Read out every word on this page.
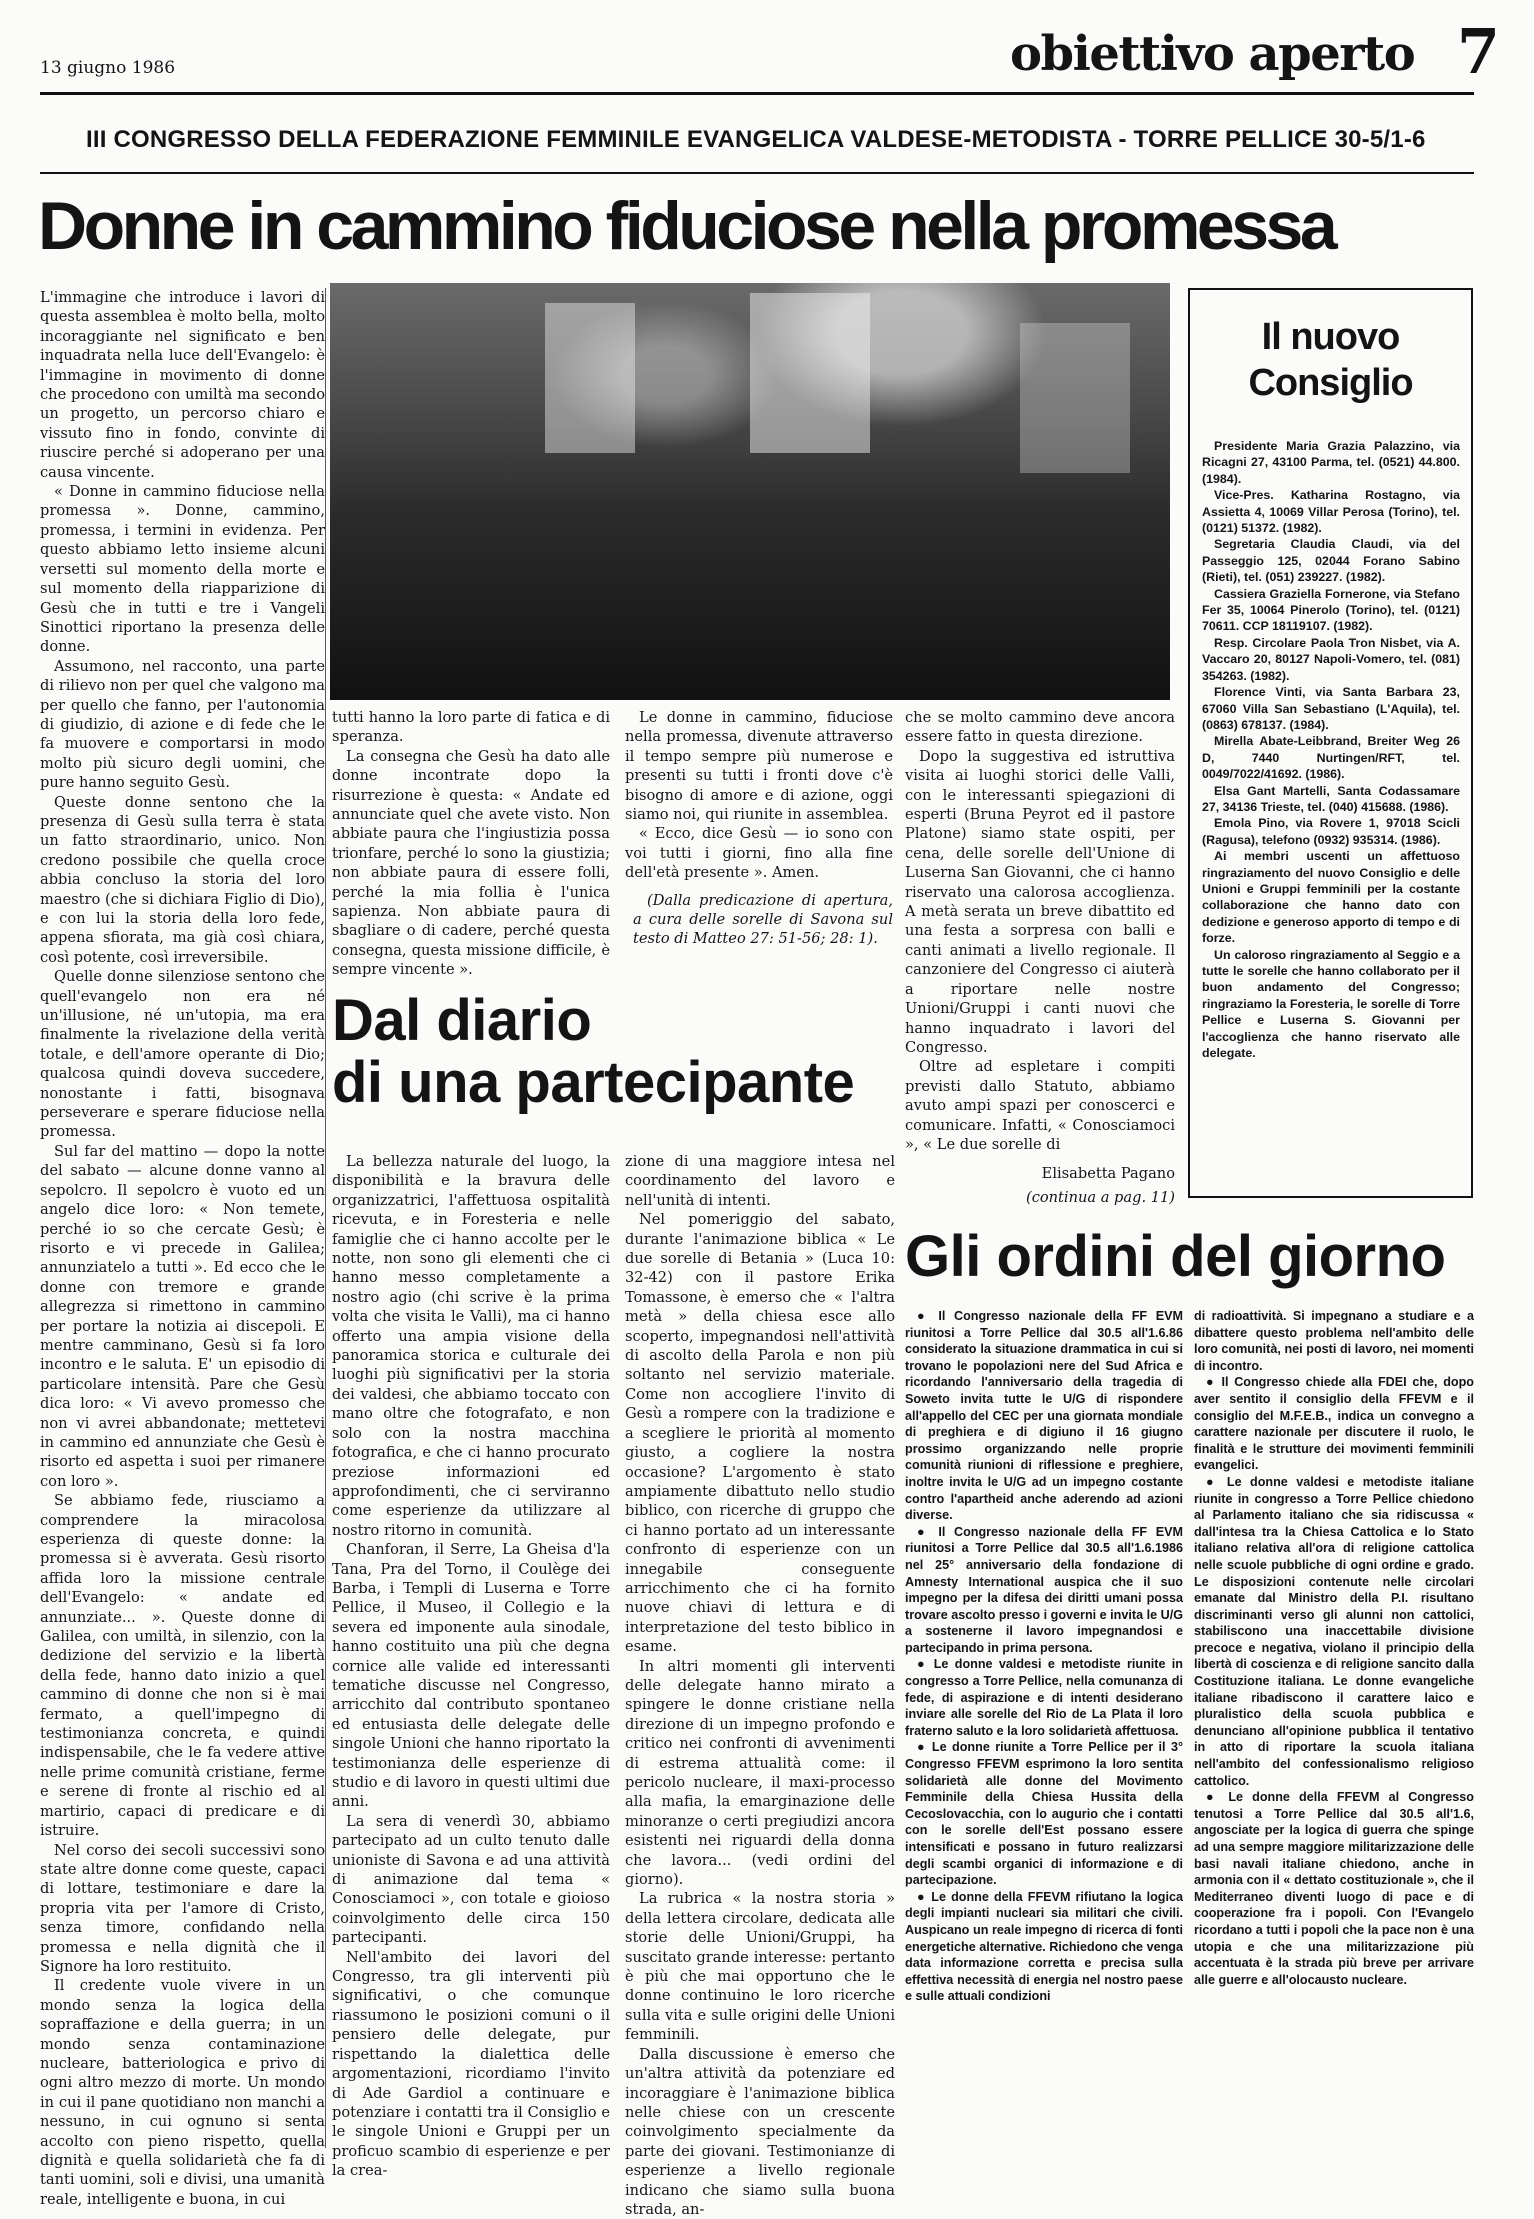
13 giugno 1986	obiettivo aperto 7
III CONGRESSO DELLA FEDERAZIONE FEMMINILE EVANGELICA VALDESE-METODISTA - TORRE PELLICE 30-5/1-6
Donne in cammino fiduciose nella promessa

L'immagine che introduce i lavori di questa assemblea è molto bella, molto incoraggiante nel significato e ben inquadrata nella luce dell'Evangelo: è l'immagine in movimento di donne che procedono con umiltà ma secondo un progetto, un percorso chiaro e vissuto fino in fondo, convinte di riuscire perché si adoperano per una causa vincente.

« Donne in cammino fiduciose nella promessa ». Donne, cammino, promessa, i termini in evidenza. Per questo abbiamo letto insieme alcuni versetti sul momento della morte e sul momento della riapparizione di Gesù che in tutti e tre i Vangeli Sinottici riportano la presenza delle donne.

Assumono, nel racconto, una parte di rilievo non per quel che valgono ma per quello che fanno, per l'autonomia di giudizio, di azione e di fede che le fa muovere e comportarsi in modo molto più sicuro degli uomini, che pure hanno seguito Gesù.

Queste donne sentono che la presenza di Gesù sulla terra è stata un fatto straordinario, unico. Non credono possibile che quella croce abbia concluso la storia del loro maestro (che si dichiara Figlio di Dio), e con lui la storia della loro fede, appena sfiorata, ma già così chiara, così potente, così irreversibile.

Quelle donne silenziose sentono che quell'evangelo non era né un'illusione, né un'utopia, ma era finalmente la rivelazione della verità totale, e dell'amore operante di Dio; qualcosa quindi doveva succedere, nonostante i fatti, bisognava perseverare e sperare fiduciose nella promessa.

Sul far del mattino — dopo la notte del sabato — alcune donne vanno al sepolcro. Il sepolcro è vuoto ed un angelo dice loro: « Non temete, perché io so che cercate Gesù; è risorto e vi precede in Galilea; annunziatelo a tutti ». Ed ecco che le donne con tremore e grande allegrezza si rimettono in cammino per portare la notizia ai discepoli. E mentre camminano, Gesù si fa loro incontro e le saluta. E' un episodio di particolare intensità. Pare che Gesù dica loro: « Vi avevo promesso che non vi avrei abbandonate; mettetevi in cammino ed annunziate che Gesù è risorto ed aspetta i suoi per rimanere con loro ».

Se abbiamo fede, riusciamo a comprendere la miracolosa esperienza di queste donne: la promessa si è avverata. Gesù risorto affida loro la missione centrale dell'Evangelo: « andate ed annunziate... ». Queste donne di Galilea, con umiltà, in silenzio, con la dedizione del servizio e la libertà della fede, hanno dato inizio a quel cammino di donne che non si è mai fermato, a quell'impegno di testimonianza concreta, e quindi indispensabile, che le fa vedere attive nelle prime comunità cristiane, ferme e serene di fronte al rischio ed al martirio, capaci di predicare e di istruire.

Nel corso dei secoli successivi sono state altre donne come queste, capaci di lottare, testimoniare e dare la propria vita per l'amore di Cristo, senza timore, confidando nella promessa e nella dignità che il Signore ha loro restituito.

Il credente vuole vivere in un mondo senza la logica della sopraffazione e della guerra; in un mondo senza contaminazione nucleare, batteriologica e privo di ogni altro mezzo di morte. Un mondo in cui il pane quotidiano non manchi a nessuno, in cui ognuno si senta accolto con pieno rispetto, quella dignità e quella solidarietà che fa di tanti uomini, soli e divisi, una umanità reale, intelligente e buona, in cui

tutti hanno la loro parte di fatica e di speranza.

La consegna che Gesù ha dato alle donne incontrate dopo la risurrezione è questa: « Andate ed annunciate quel che avete visto. Non abbiate paura che l'ingiustizia possa trionfare, perché lo sono la giustizia; non abbiate paura di essere folli, perché la mia follia è l'unica sapienza. Non abbiate paura di sbagliare o di cadere, perché questa consegna, questa missione difficile, è sempre vincente ».

Le donne in cammino, fiduciose nella promessa, divenute attraverso il tempo sempre più numerose e presenti su tutti i fronti dove c'è bisogno di amore e di azione, oggi siamo noi, qui riunite in assemblea.

« Ecco, dice Gesù — io sono con voi tutti i giorni, fino alla fine dell'età presente ». Amen.

(Dalla predicazione di apertura, a cura delle sorelle di Savona sul testo di Matteo 27: 51-56; 28: 1).

Dal diario
di una partecipante

La bellezza naturale del luogo, la disponibilità e la bravura delle organizzatrici, l'affettuosa ospitalità ricevuta, e in Foresteria e nelle famiglie che ci hanno accolte per le notte, non sono gli elementi che ci hanno messo completamente a nostro agio (chi scrive è la prima volta che visita le Valli), ma ci hanno offerto una ampia visione della panoramica storica e culturale dei luoghi più significativi per la storia dei valdesi, che abbiamo toccato con mano oltre che fotografato, e non solo con la nostra macchina fotografica, e che ci hanno procurato preziose informazioni ed approfondimenti, che ci serviranno come esperienze da utilizzare al nostro ritorno in comunità.

Chanforan, il Serre, La Gheisa d'la Tana, Pra del Torno, il Coulège dei Barba, i Templi di Luserna e Torre Pellice, il Museo, il Collegio e la severa ed imponente aula sinodale, hanno costituito una più che degna cornice alle valide ed interessanti tematiche discusse nel Congresso, arricchito dal contributo spontaneo ed entusiasta delle delegate delle singole Unioni che hanno riportato la testimonianza delle esperienze di studio e di lavoro in questi ultimi due anni.

La sera di venerdì 30, abbiamo partecipato ad un culto tenuto dalle unioniste di Savona e ad una attività di animazione dal tema « Conosciamoci », con totale e gioioso coinvolgimento delle circa 150 partecipanti.

Nell'ambito dei lavori del Congresso, tra gli interventi più significativi, o che comunque riassumono le posizioni comuni o il pensiero delle delegate, pur rispettando la dialettica delle argomentazioni, ricordiamo l'invito di Ade Gardiol a continuare e potenziare i contatti tra il Consiglio e le singole Unioni e Gruppi per un proficuo scambio di esperienze e per la crea-

zione di una maggiore intesa nel coordinamento del lavoro e nell'unità di intenti.

Nel pomeriggio del sabato, durante l'animazione biblica « Le due sorelle di Betania » (Luca 10: 32-42) con il pastore Erika Tomassone, è emerso che « l'altra metà » della chiesa esce allo scoperto, impegnandosi nell'attività di ascolto della Parola e non più soltanto nel servizio materiale. Come non accogliere l'invito di Gesù a rompere con la tradizione e a scegliere le priorità al momento giusto, a cogliere la nostra occasione? L'argomento è stato ampiamente dibattuto nello studio biblico, con ricerche di gruppo che ci hanno portato ad un interessante confronto di esperienze con un innegabile conseguente arricchimento che ci ha fornito nuove chiavi di lettura e di interpretazione del testo biblico in esame.

In altri momenti gli interventi delle delegate hanno mirato a spingere le donne cristiane nella direzione di un impegno profondo e critico nei confronti di avvenimenti di estrema attualità come: il pericolo nucleare, il maxi-processo alla mafia, la emarginazione delle minoranze o certi pregiudizi ancora esistenti nei riguardi della donna che lavora... (vedi ordini del giorno).

La rubrica « la nostra storia » della lettera circolare, dedicata alle storie delle Unioni/Gruppi, ha suscitato grande interesse: pertanto è più che mai opportuno che le donne continuino le loro ricerche sulla vita e sulle origini delle Unioni femminili.

Dalla discussione è emerso che un'altra attività da potenziare ed incoraggiare è l'animazione biblica nelle chiese con un crescente coinvolgimento specialmente da parte dei giovani. Testimonianze di esperienze a livello regionale indicano che siamo sulla buona strada, an-

che se molto cammino deve ancora essere fatto in questa direzione.

Dopo la suggestiva ed istruttiva visita ai luoghi storici delle Valli, con le interessanti spiegazioni di esperti (Bruna Peyrot ed il pastore Platone) siamo state ospiti, per cena, delle sorelle dell'Unione di Luserna San Giovanni, che ci hanno riservato una calorosa accoglienza. A metà serata un breve dibattito ed una festa a sorpresa con balli e canti animati a livello regionale. Il canzoniere del Congresso ci aiuterà a riportare nelle nostre Unioni/Gruppi i canti nuovi che hanno inquadrato i lavori del Congresso.

Oltre ad espletare i compiti previsti dallo Statuto, abbiamo avuto ampi spazi per conoscerci e comunicare. Infatti, « Conosciamoci », « Le due sorelle di

Elisabetta Pagano

(continua a pag. 11)

Il nuovo
Consiglio
Presidente Maria Grazia Palazzino, via Ricagni 27, 43100 Parma, tel. (0521) 44.800. (1984).
Vice-Pres. Katharina Rostagno, via Assietta 4, 10069 Villar Perosa (Torino), tel. (0121) 51372. (1982).
Segretaria Claudia Claudi, via del Passeggio 125, 02044 Forano Sabino (Rieti), tel. (051) 239227. (1982).
Cassiera Graziella Fornerone, via Stefano Fer 35, 10064 Pinerolo (Torino), tel. (0121) 70611. CCP 18119107. (1982).
Resp. Circolare Paola Tron Nisbet, via A. Vaccaro 20, 80127 Napoli-Vomero, tel. (081) 354263. (1982).
Florence Vinti, via Santa Barbara 23, 67060 Villa San Sebastiano (L'Aquila), tel. (0863) 678137. (1984).
Mirella Abate-Leibbrand, Breiter Weg 26 D, 7440 Nurtingen/RFT, tel. 0049/7022/41692. (1986).
Elsa Gant Martelli, Santa Codassamare 27, 34136 Trieste, tel. (040) 415688. (1986).
Emola Pino, via Rovere 1, 97018 Scicli (Ragusa), telefono (0932) 935314. (1986).
Ai membri uscenti un affettuoso ringraziamento del nuovo Consiglio e delle Unioni e Gruppi femminili per la costante collaborazione che hanno dato con dedizione e generoso apporto di tempo e di forze.
Un caloroso ringraziamento al Seggio e a tutte le sorelle che hanno collaborato per il buon andamento del Congresso; ringraziamo la Foresteria, le sorelle di Torre Pellice e Luserna S. Giovanni per l'accoglienza che hanno riservato alle delegate.
Gli ordini del giorno
● Il Congresso nazionale della FF EVM riunitosi a Torre Pellice dal 30.5 all'1.6.86 considerato la situazione drammatica in cui si trovano le popolazioni nere del Sud Africa e ricordando l'anniversario della tragedia di Soweto invita tutte le U/G di rispondere all'appello del CEC per una giornata mondiale di preghiera e di digiuno il 16 giugno prossimo organizzando nelle proprie comunità riunioni di riflessione e preghiere, inoltre invita le U/G ad un impegno costante contro l'apartheid anche aderendo ad azioni diverse.
● Il Congresso nazionale della FF EVM riunitosi a Torre Pellice dal 30.5 all'1.6.1986 nel 25° anniversario della fondazione di Amnesty International auspica che il suo impegno per la difesa dei diritti umani possa trovare ascolto presso i governi e invita le U/G a sostenerne il lavoro impegnandosi e partecipando in prima persona.
● Le donne valdesi e metodiste riunite in congresso a Torre Pellice, nella comunanza di fede, di aspirazione e di intenti desiderano inviare alle sorelle del Rio de La Plata il loro fraterno saluto e la loro solidarietà affettuosa.
● Le donne riunite a Torre Pellice per il 3° Congresso FFEVM esprimono la loro sentita solidarietà alle donne del Movimento Femminile della Chiesa Hussita della Cecoslovacchia, con lo augurio che i contatti con le sorelle dell'Est possano essere intensificati e possano in futuro realizzarsi degli scambi organici di informazione e di partecipazione.
● Le donne della FFEVM rifiutano la logica degli impianti nucleari sia militari che civili. Auspicano un reale impegno di ricerca di fonti energetiche alternative. Richiedono che venga data informazione corretta e precisa sulla effettiva necessità di energia nel nostro paese e sulle attuali condizioni
di radioattività. Si impegnano a studiare e a dibattere questo problema nell'ambito delle loro comunità, nei posti di lavoro, nei momenti di incontro.
● Il Congresso chiede alla FDEI che, dopo aver sentito il consiglio della FFEVM e il consiglio del M.F.E.B., indica un convegno a carattere nazionale per discutere il ruolo, le finalità e le strutture dei movimenti femminili evangelici.
● Le donne valdesi e metodiste italiane riunite in congresso a Torre Pellice chiedono al Parlamento italiano che sia ridiscussa « dall'intesa tra la Chiesa Cattolica e lo Stato italiano relativa all'ora di religione cattolica nelle scuole pubbliche di ogni ordine e grado. Le disposizioni contenute nelle circolari emanate dal Ministro della P.I. risultano discriminanti verso gli alunni non cattolici, stabiliscono una inaccettabile divisione precoce e negativa, violano il principio della libertà di coscienza e di religione sancito dalla Costituzione italiana. Le donne evangeliche italiane ribadiscono il carattere laico e pluralistico della scuola pubblica e denunciano all'opinione pubblica il tentativo in atto di riportare la scuola italiana nell'ambito del confessionalismo religioso cattolico.
● Le donne della FFEVM al Congresso tenutosi a Torre Pellice dal 30.5 all'1.6, angosciate per la logica di guerra che spinge ad una sempre maggiore militarizzazione delle basi navali italiane chiedono, anche in armonia con il « dettato costituzionale », che il Mediterraneo diventi luogo di pace e di cooperazione fra i popoli. Con l'Evangelo ricordano a tutti i popoli che la pace non è una utopia e che una militarizzazione più accentuata è la strada più breve per arrivare alle guerre e all'olocausto nucleare.
